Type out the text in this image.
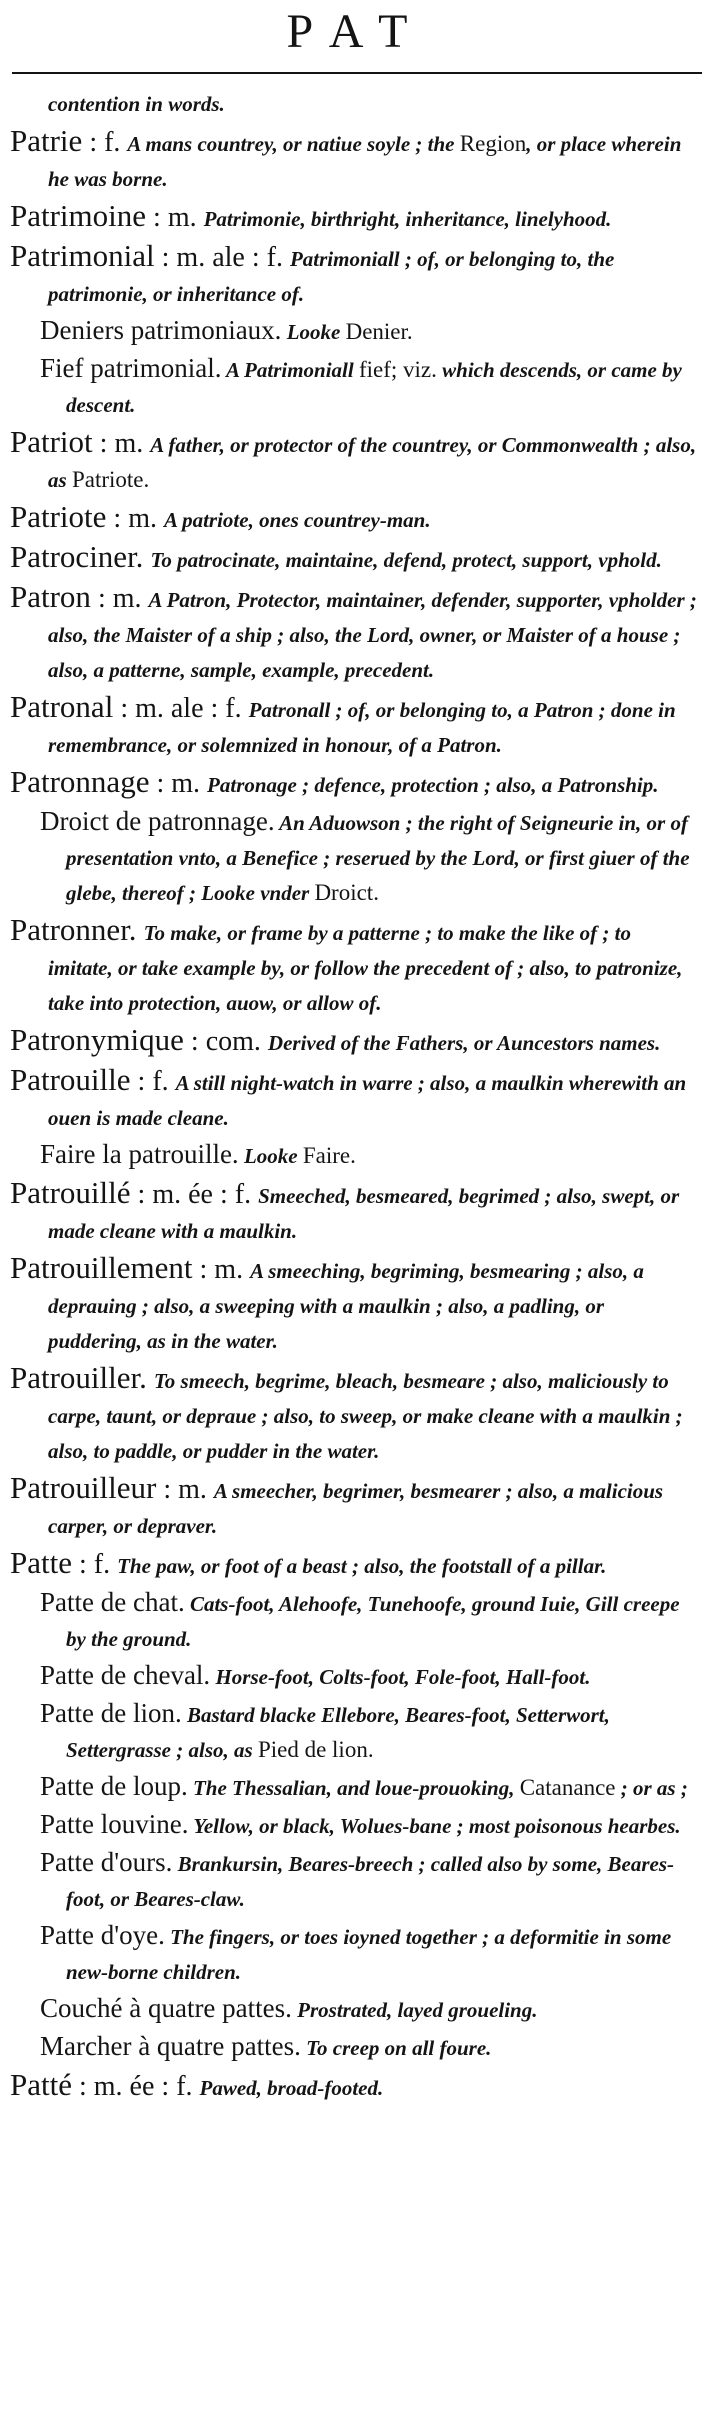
PAT
contention in words.
Patrie : f. A mans countrey, or natiue soyle ; the Region, or place wherein he was borne.
Patrimoine : m. Patrimonie, birthright, inheritance, linelyhood.
Patrimonial : m. ale : f. Patrimoniall ; of, or belonging to, the patrimonie, or inheritance of.
Deniers patrimoniaux. Looke Denier.
Fief patrimonial. A Patrimoniall fief; viz. which descends, or came by descent.
Patriot : m. A father, or protector of the countrey, or Commonwealth ; also, as Patriote.
Patriote : m. A patriote, ones countrey-man.
Patrociner. To patrocinate, maintaine, defend, protect, support, vphold.
Patron : m. A Patron, Protector, maintainer, defender, supporter, vpholder ; also, the Maister of a ship ; also, the Lord, owner, or Maister of a house ; also, a patterne, sample, example, precedent.
Patronal : m. ale : f. Patronall ; of, or belonging to, a Patron ; done in remembrance, or solemnized in honour, of a Patron.
Patronnage : m. Patronage ; defence, protection ; also, a Patronship.
Droict de patronnage. An Aduowson ; the right of Seigneurie in, or of presentation vnto, a Benefice ; reserued by the Lord, or first giuer of the glebe, thereof ; Looke vnder Droict.
Patronner. To make, or frame by a patterne ; to make the like of ; to imitate, or take example by, or follow the precedent of ; also, to patronize, take into protection, auow, or allow of.
Patronymique : com. Derived of the Fathers, or Auncestors names.
Patrouille : f. A still night-watch in warre ; also, a maulkin wherewith an ouen is made cleane.
Faire la patrouille. Looke Faire.
Patrouillé : m. ée : f. Smeeched, besmeared, begrimed ; also, swept, or made cleane with a maulkin.
Patrouillement : m. A smeeching, begriming, besmearing ; also, a deprauing ; also, a sweeping with a maulkin ; also, a padling, or puddering, as in the water.
Patrouiller. To smeech, begrime, bleach, besmeare ; also, maliciously to carpe, taunt, or depraue ; also, to sweep, or make cleane with a maulkin ; also, to paddle, or pudder in the water.
Patrouilleur : m. A smeecher, begrimer, besmearer ; also, a malicious carper, or depraver.
Patte : f. The paw, or foot of a beast ; also, the footstall of a pillar.
Patte de chat. Cats-foot, Alehoofe, Tunehoofe, ground Iuie, Gill creepe by the ground.
Patte de cheval. Horse-foot, Colts-foot, Fole-foot, Hall-foot.
Patte de lion. Bastard blacke Ellebore, Beares-foot, Setterwort, Settergrasse ; also, as Pied de lion.
Patte de loup. The Thessalian, and loue-prouoking, Catanance ; or as ;
Patte louvine. Yellow, or black, Wolues-bane ; most poisonous hearbes.
Patte d'ours. Brankursin, Beares-breech ; called also by some, Beares-foot, or Beares-claw.
Patte d'oye. The fingers, or toes ioyned together ; a deformitie in some new-borne children.
Couché à quatre pattes. Prostrated, layed groueling.
Marcher à quatre pattes. To creep on all foure.
Patté : m. ée : f. Pawed, broad-footed.
